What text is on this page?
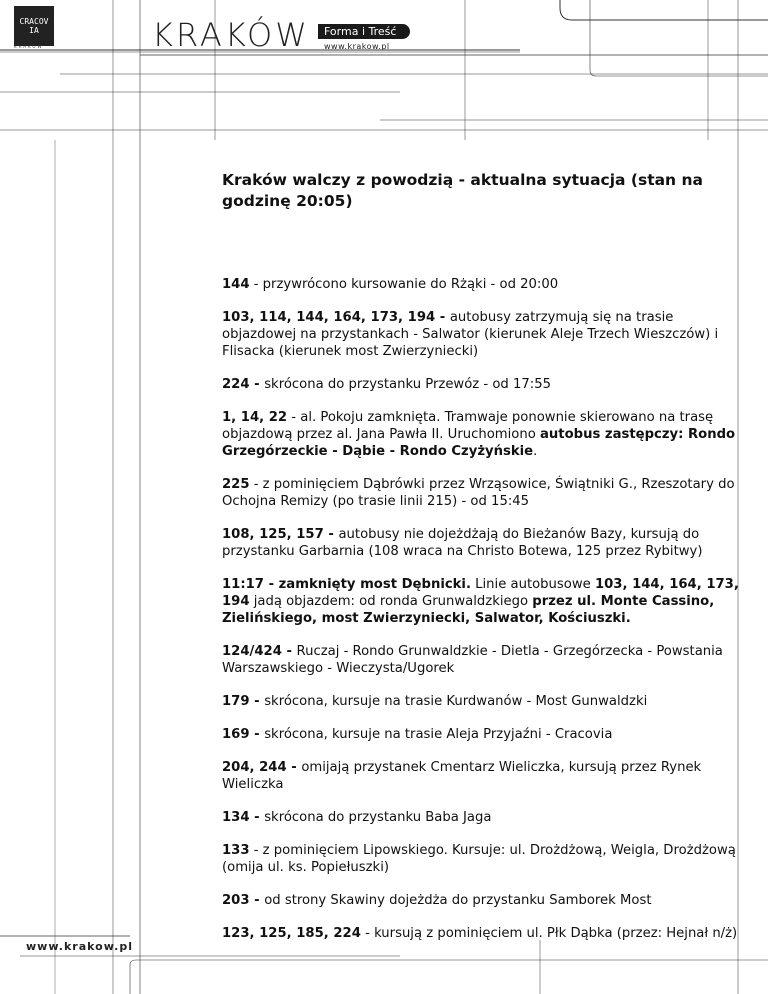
CRACOVIA
KRAKÓW	KRAKÓW	Forma i Treść
www.krakow.pl
Kraków walczy z powodzią - aktualna sytuacja (stan na godzinę 20:05)

144 - przywrócono kursowanie do Rżąki - od 20:00

103, 114, 144, 164, 173, 194 - autobusy zatrzymują się na trasie objazdowej na przystankach - Salwator (kierunek Aleje Trzech Wieszczów) i Flisacka (kierunek most Zwierzyniecki)

224 - skrócona do przystanku Przewóz - od 17:55

1, 14, 22 - al. Pokoju zamknięta. Tramwaje ponownie skierowano na trasę objazdową przez al. Jana Pawła II. Uruchomiono autobus zastępczy: Rondo Grzegórzeckie - Dąbie - Rondo Czyżyńskie.

225 - z pominięciem Dąbrówki przez Wrząsowice, Świątniki G., Rzeszotary do Ochojna Remizy (po trasie linii 215) - od 15:45

108, 125, 157 - autobusy nie dojeżdżają do Bieżanów Bazy, kursują do przystanku Garbarnia (108 wraca na Christo Botewa, 125 przez Rybitwy)

11:17 - zamknięty most Dębnicki. Linie autobusowe 103, 144, 164, 173, 194 jadą objazdem: od ronda Grunwaldzkiego przez ul. Monte Cassino, Zielińskiego, most Zwierzyniecki, Salwator, Kościuszki.

124/424 - Ruczaj - Rondo Grunwaldzkie - Dietla - Grzegórzecka - Powstania Warszawskiego - Wieczysta/Ugorek

179 - skrócona, kursuje na trasie Kurdwanów - Most Gunwaldzki

169 - skrócona, kursuje na trasie Aleja Przyjaźni - Cracovia

204, 244 - omijają przystanek Cmentarz Wieliczka, kursują przez Rynek Wieliczka

134 - skrócona do przystanku Baba Jaga

133 - z pominięciem Lipowskiego. Kursuje: ul. Drożdżową, Weigla, Drożdżową (omija ul. ks. Popiełuszki)

203 - od strony Skawiny dojeżdża do przystanku Samborek Most

123, 125, 185, 224 - kursują z pominięciem ul. Płk Dąbka (przez: Hejnał n/ż)

www.krakow.pl
